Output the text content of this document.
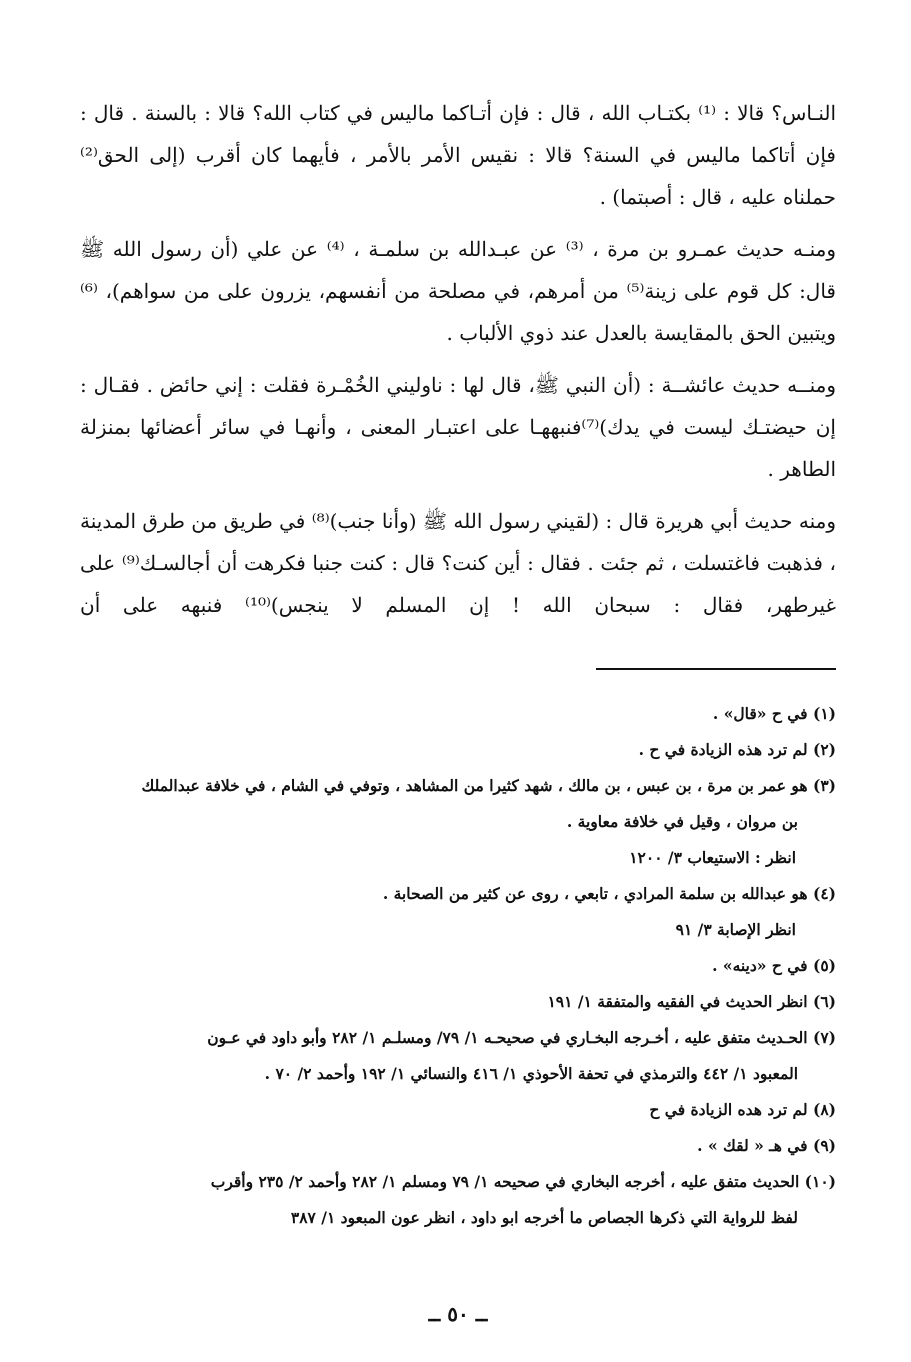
النـاس؟ قالا : ⁽¹⁾ بكتـاب الله ، قال : فإن أتـاكما ماليس في كتاب الله؟ قالا : بالسنة . قال : فإن أتاكما ماليس في السنة؟ قالا : نقيس الأمر بالأمر ، فأيهما كان أقرب (إلى الحق⁽²⁾ حملناه عليه ، قال : أصبتما) .

ومنـه حديث عمـرو بن مرة ، ⁽³⁾ عن عبـدالله بن سلمـة ، ⁽⁴⁾ عن علي (أن رسول الله ﷺ قال: كل قوم على زينة⁽⁵⁾ من أمرهم، في مصلحة من أنفسهم، يزرون على من سواهم)، ⁽⁶⁾ويتبين الحق بالمقايسة بالعدل عند ذوي الألباب .

ومنــه حديث عائشــة : (أن النبي ﷺ، قال لها : ناوليني الخُمْـرة فقلت : إني حائض . فقـال : إن حيضتـك ليست في يدك)⁽⁷⁾فنبههـا على اعتبـار المعنى ، وأنهـا في سائر أعضائها بمنزلة الطاهر .

ومنه حديث أبي هريرة قال : (لقيني رسول الله ﷺ (وأنا جنب)⁽⁸⁾ في طريق من طرق المدينة ، فذهبت فاغتسلت ، ثم جئت . فقال : أين كنت؟ قال : كنت جنبا فكرهت أن أجالسـك⁽⁹⁾ على غيرطهر، فقال : سبحان الله ! إن المسلم لا ينجس)⁽¹⁰⁾ فنبهه على أن

(١) في ح «قال» .

(٢) لم ترد هذه الزيادة في ح .

(٣) هو عمر بن مرة ، بن عبس ، بن مالك ، شهد كثيرا من المشاهد ، وتوفي في الشام ، في خلافة عبدالملك
بن مروان ، وقيل في خلافة معاوية .

انظر : الاستيعاب ٣/ ١٢٠٠

(٤) هو عبدالله بن سلمة المرادي ، تابعي ، روى عن كثير من الصحابة .

انظر الإصابة ٣/ ٩١

(٥) في ح «دينه» .

(٦) انظر الحديث في الفقيه والمتفقة ١/ ١٩١

(٧) الحـديث متفق عليه ، أخـرجه البخـاري في صحيحـه ١/ ٧٩/ ومسلـم ١/ ٢٨٢ وأبو داود في عـون
المعبود ١/ ٤٤٢ والترمذي في تحفة الأحوذي ١/ ٤١٦ والنسائي ١/ ١٩٢ وأحمد ٢/ ٧٠ .

(٨) لم ترد هده الزيادة في ح

(٩) في هـ « لقك » .

(١٠) الحديث متفق عليه ، أخرجه البخاري في صحيحه ١/ ٧٩ ومسلم ١/ ٢٨٢ وأحمد ٢/ ٢٣٥ وأقرب
لفظ للرواية التي ذكرها الجصاص ما أخرجه ابو داود ، انظر عون المبعود ١/ ٣٨٧

ــ ٥٠ ــ
